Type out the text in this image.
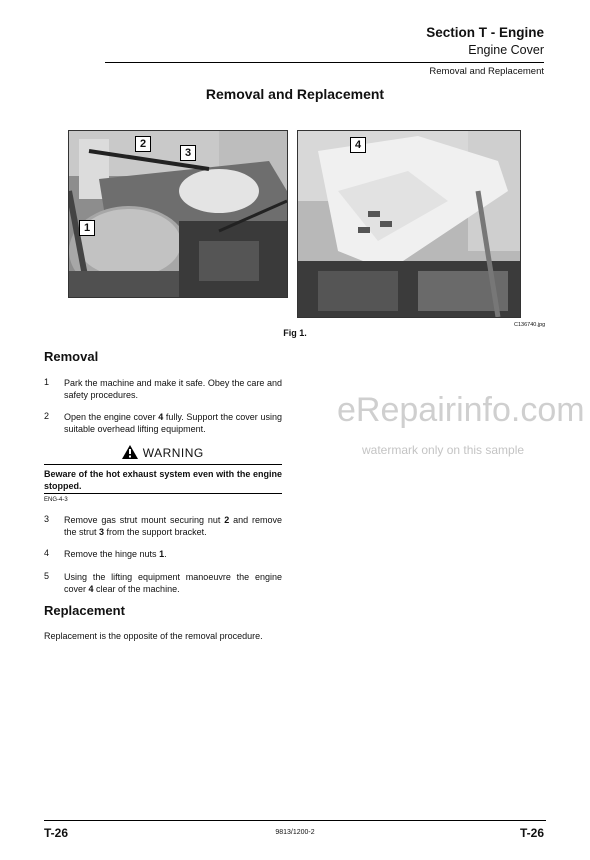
Section T - Engine
Engine Cover
Removal and Replacement
Removal and Replacement
1
2
3
4
C136740.jpg
Fig 1.
Removal
1 Park the machine and make it safe. Obey the care and safety procedures.
2 Open the engine cover 4 fully. Support the cover using suitable overhead lifting equipment.
WARNING
Beware of the hot exhaust system even with the engine stopped.
ENG-4-3
3 Remove gas strut mount securing nut 2 and remove the strut 3 from the support bracket.
4 Remove the hinge nuts 1.
5 Using the lifting equipment manoeuvre the engine cover 4 clear of the machine.
Replacement
Replacement is the opposite of the removal procedure.
eRepairinfo.com
watermark only on this sample
T-26	9813/1200-2	T-26
